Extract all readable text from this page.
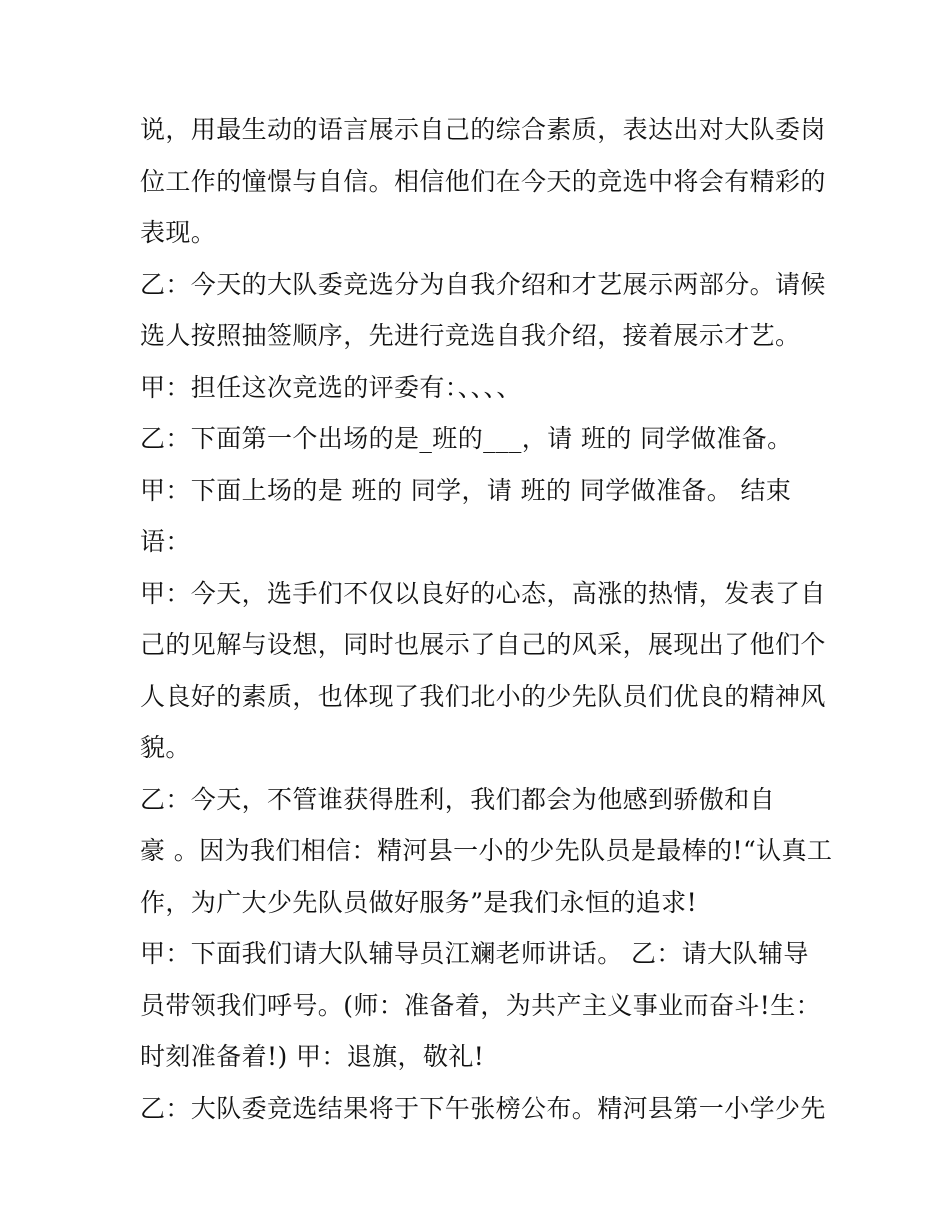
说，用最生动的语言展示自己的综合素质，表达出对大队委岗
位工作的憧憬与自信。相信他们在今天的竞选中将会有精彩的
表现。
乙：今天的大队委竞选分为自我介绍和才艺展示两部分。请候
选人按照抽签顺序，先进行竞选自我介绍，接着展示才艺。
甲：担任这次竞选的评委有：、、、、
乙：下面第一个出场的是_班的___，请 班的 同学做准备。
甲：下面上场的是 班的 同学，请 班的 同学做准备。 结束
语：
甲：今天，选手们不仅以良好的心态，高涨的热情，发表了自
己的见解与设想，同时也展示了自己的风采，展现出了他们个
人良好的素质，也体现了我们北小的少先队员们优良的精神风
貌。
乙：今天，不管谁获得胜利，我们都会为他感到骄傲和自
豪 。因为我们相信：精河县一小的少先队员是最棒的!“认真工
作，为广大少先队员做好服务”是我们永恒的追求!
甲：下面我们请大队辅导员江斓老师讲话。 乙：请大队辅导
员带领我们呼号。(师：准备着，为共产主义事业而奋斗!生：
时刻准备着!) 甲：退旗，敬礼!
乙：大队委竞选结果将于下午张榜公布。精河县第一小学少先
